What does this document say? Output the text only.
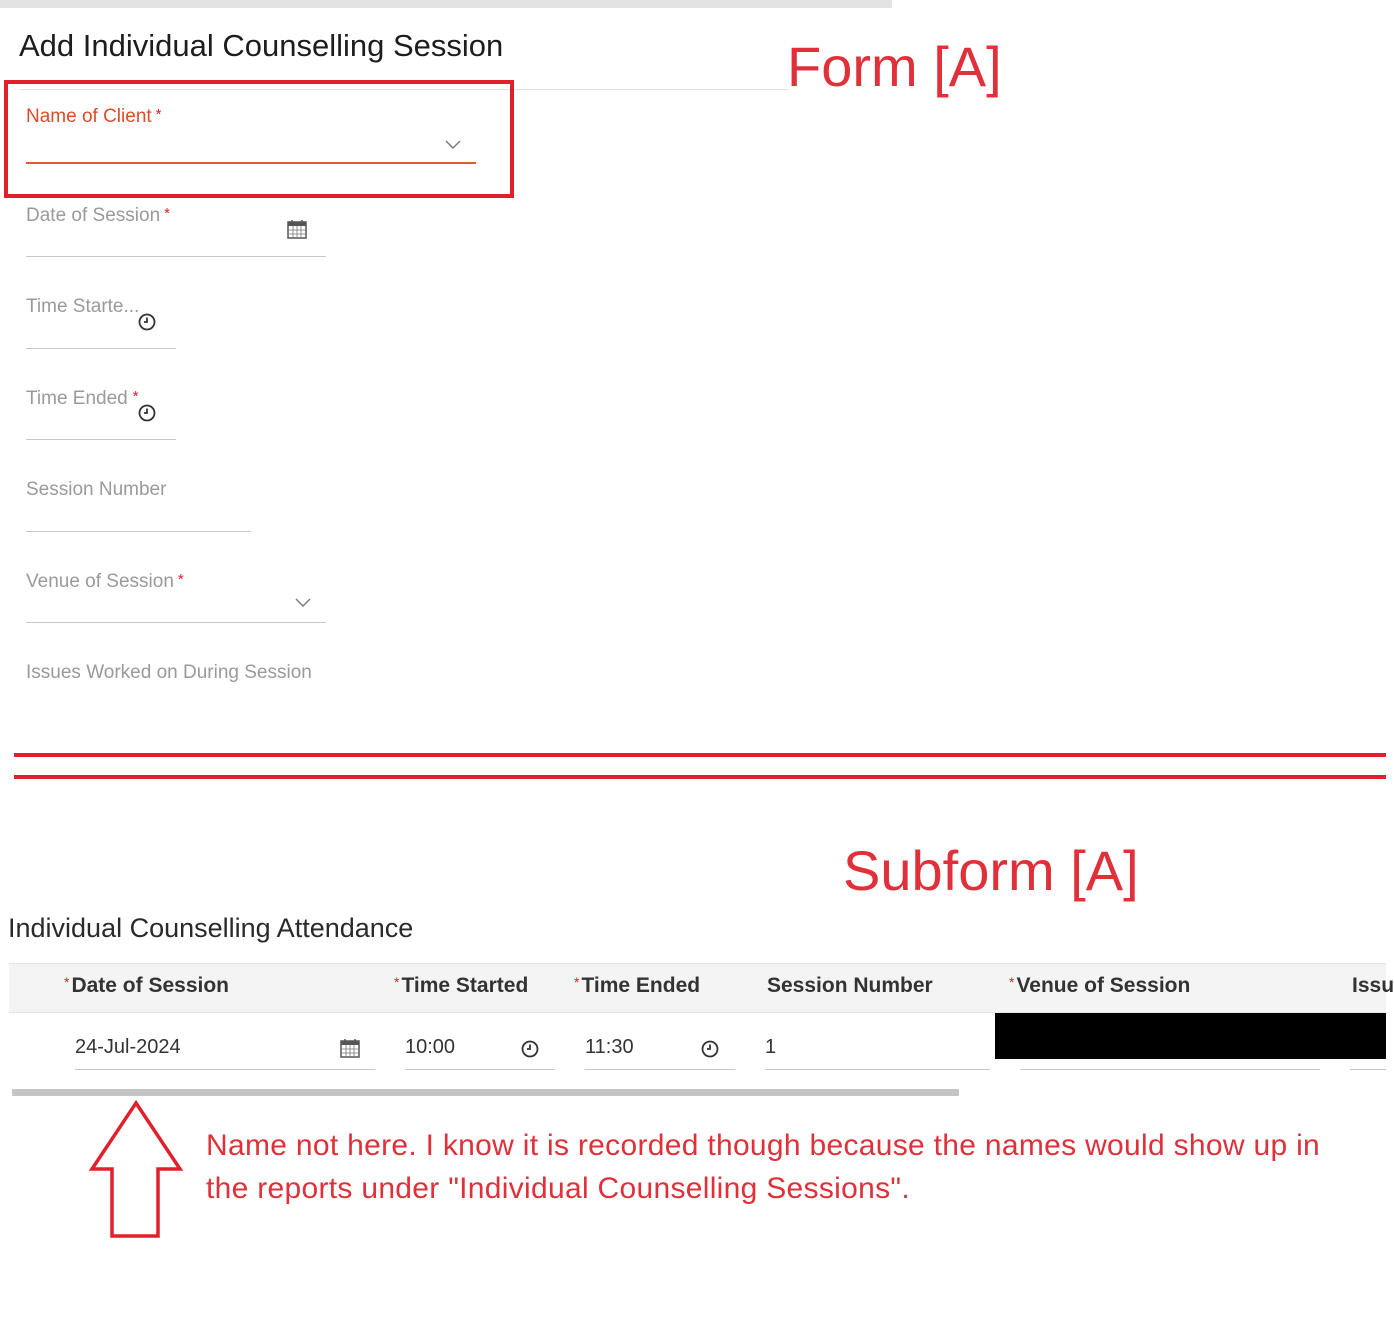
Add Individual Counselling Session	Form [A]
Name of Client *
Date of Session *
Time Starte...
Time Ended *
Session Number
Venue of Session *
Issues Worked on During Session
Subform [A]
Individual Counselling Attendance
*Date of Session	*Time Started	*Time Ended	Session Number	*Venue of Session	Issu
24-Jul-2024	10:00	11:30	1
Name not here. I know it is recorded though because the names would show up in the reports under "Individual Counselling Sessions".
